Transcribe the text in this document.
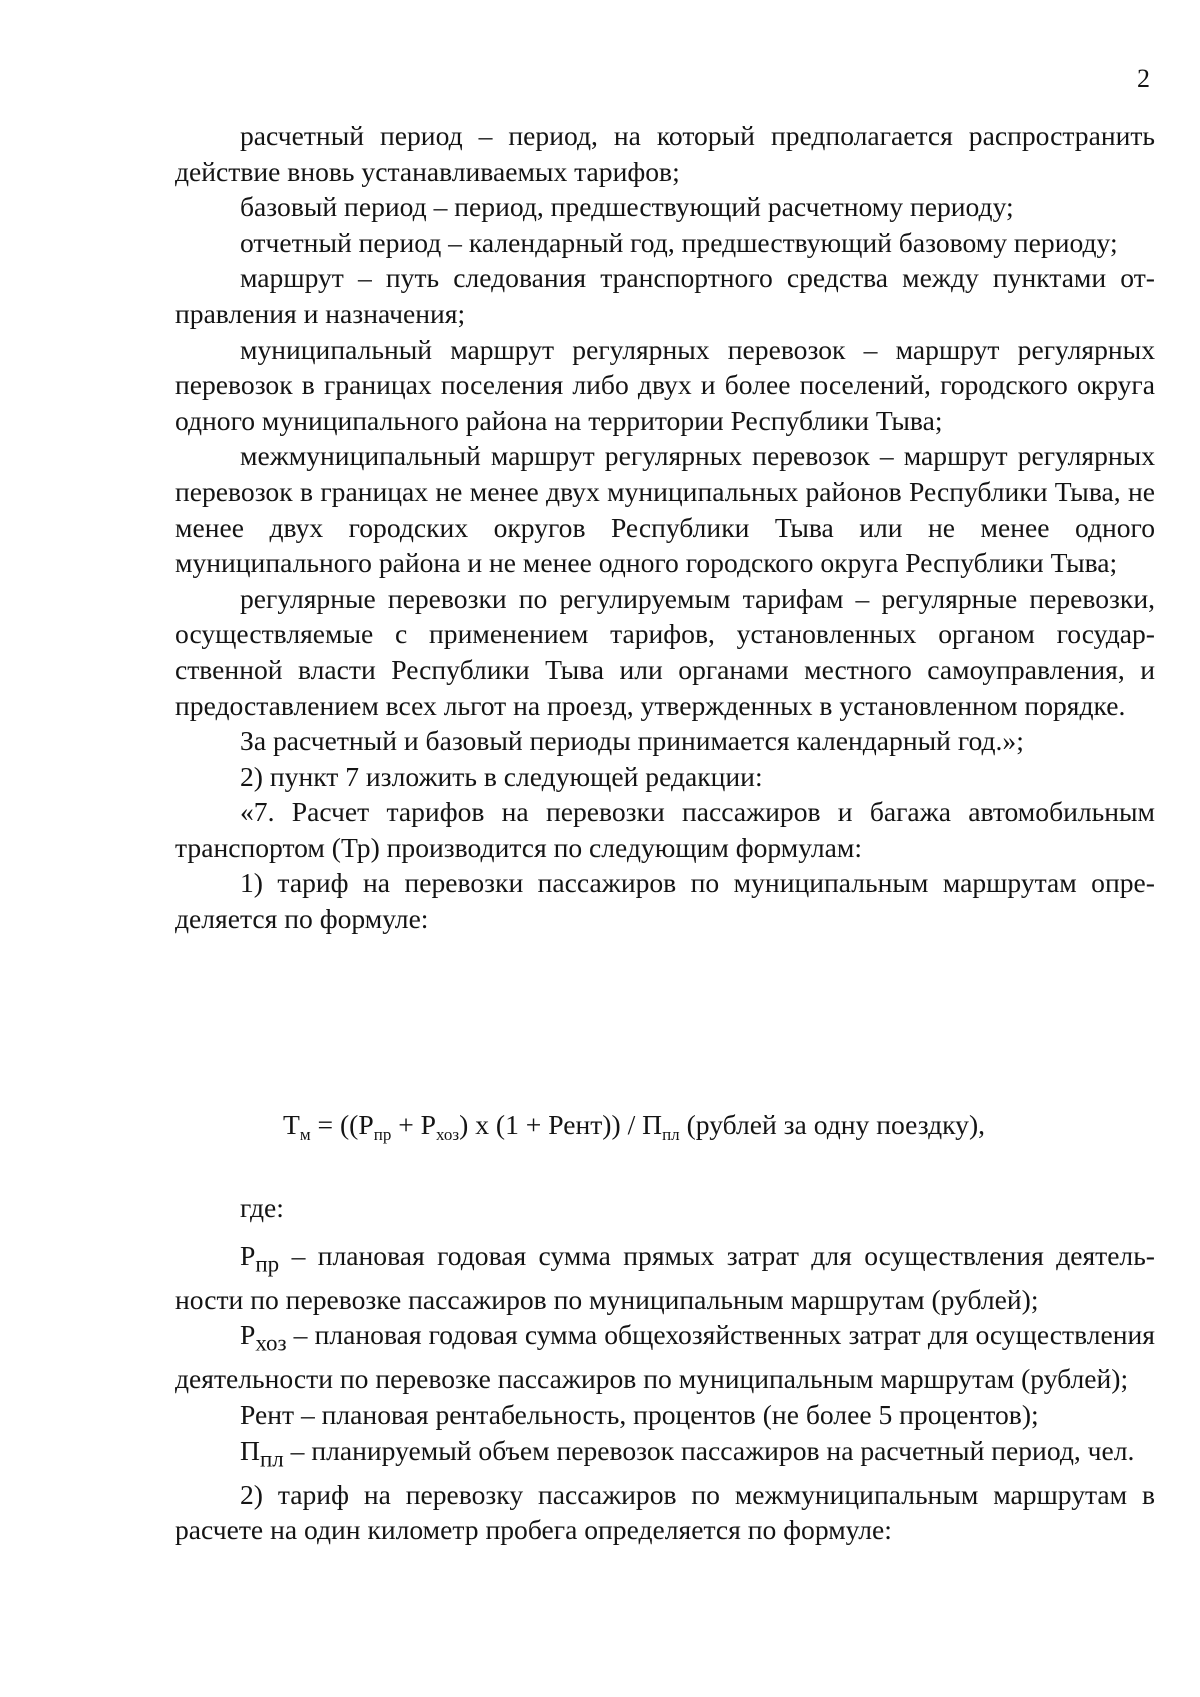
2

расчетный период – период, на который предполагается распространить действие вновь устанавливаемых тарифов;

базовый период – период, предшествующий расчетному периоду;

отчетный период – календарный год, предшествующий базовому периоду;

маршрут – путь следования транспортного средства между пунктами отправления и назначения;

муниципальный маршрут регулярных перевозок – маршрут регулярных перевозок в границах поселения либо двух и более поселений, городского округа одного муниципального района на территории Республики Тыва;

межмуниципальный маршрут регулярных перевозок – маршрут регулярных перевозок в границах не менее двух муниципальных районов Республики Тыва, не менее двух городских округов Республики Тыва или не менее одного муниципального района и не менее одного городского округа Республики Тыва;

регулярные перевозки по регулируемым тарифам – регулярные перевозки, осуществляемые с применением тарифов, установленных органом государственной власти Республики Тыва или органами местного самоуправления, и предоставлением всех льгот на проезд, утвержденных в установленном порядке.

За расчетный и базовый периоды принимается календарный год.»;

2) пункт 7 изложить в следующей редакции:

«7. Расчет тарифов на перевозки пассажиров и багажа автомобильным транспортом (Тр) производится по следующим формулам:

1) тариф на перевозки пассажиров по муниципальным маршрутам определяется по формуле:

$Т_м = ((Р_{пр} + Р_{хоз})$ х (1 + Рент)) / $П_{пл}$ (рублей за одну поездку),

где:

$Р_{пр}$ – плановая годовая сумма прямых затрат для осуществления деятельности по перевозке пассажиров по муниципальным маршрутам (рублей);

$Р_{хоз}$ – плановая годовая сумма общехозяйственных затрат для осуществления деятельности по перевозке пассажиров по муниципальным маршрутам (рублей);

Рент – плановая рентабельность, процентов (не более 5 процентов);

$П_{пл}$ – планируемый объем перевозок пассажиров на расчетный период, чел.

2) тариф на перевозку пассажиров по межмуниципальным маршрутам в расчете на один километр пробега определяется по формуле:
